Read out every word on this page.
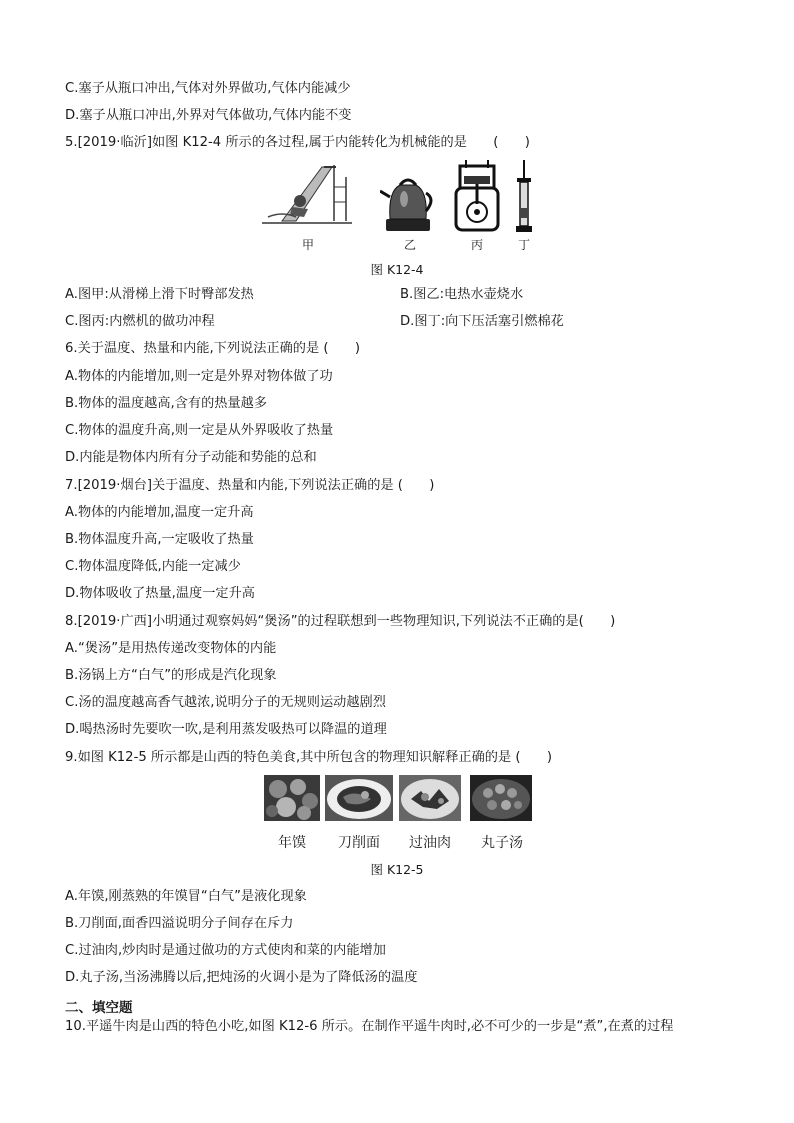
C.塞子从瓶口冲出,气体对外界做功,气体内能减少
D.塞子从瓶口冲出,外界对气体做功,气体内能不变
5.[2019·临沂]如图 K12-4 所示的各过程,属于内能转化为机械能的是　　(　　)
甲	乙	丙	丁
图 K12-4
A.图甲:从滑梯上滑下时臀部发热	B.图乙:电热水壶烧水
C.图丙:内燃机的做功冲程	D.图丁:向下压活塞引燃棉花
6.关于温度、热量和内能,下列说法正确的是 (　　)
A.物体的内能增加,则一定是外界对物体做了功
B.物体的温度越高,含有的热量越多
C.物体的温度升高,则一定是从外界吸收了热量
D.内能是物体内所有分子动能和势能的总和
7.[2019·烟台]关于温度、热量和内能,下列说法正确的是 (　　)
A.物体的内能增加,温度一定升高
B.物体温度升高,一定吸收了热量
C.物体温度降低,内能一定减少
D.物体吸收了热量,温度一定升高
8.[2019·广西]小明通过观察妈妈“煲汤”的过程联想到一些物理知识,下列说法不正确的是(　　)
A.“煲汤”是用热传递改变物体的内能
B.汤锅上方“白气”的形成是汽化现象
C.汤的温度越高香气越浓,说明分子的无规则运动越剧烈
D.喝热汤时先要吹一吹,是利用蒸发吸热可以降温的道理
9.如图 K12-5 所示都是山西的特色美食,其中所包含的物理知识解释正确的是 (　　)
年馍	刀削面	过油肉	丸子汤
图 K12-5
A.年馍,刚蒸熟的年馍冒“白气”是液化现象
B.刀削面,面香四溢说明分子间存在斥力
C.过油肉,炒肉时是通过做功的方式使肉和菜的内能增加
D.丸子汤,当汤沸腾以后,把炖汤的火调小是为了降低汤的温度
二、填空题
10.平遥牛肉是山西的特色小吃,如图 K12-6 所示。在制作平遥牛肉时,必不可少的一步是“煮”,在煮的过程
